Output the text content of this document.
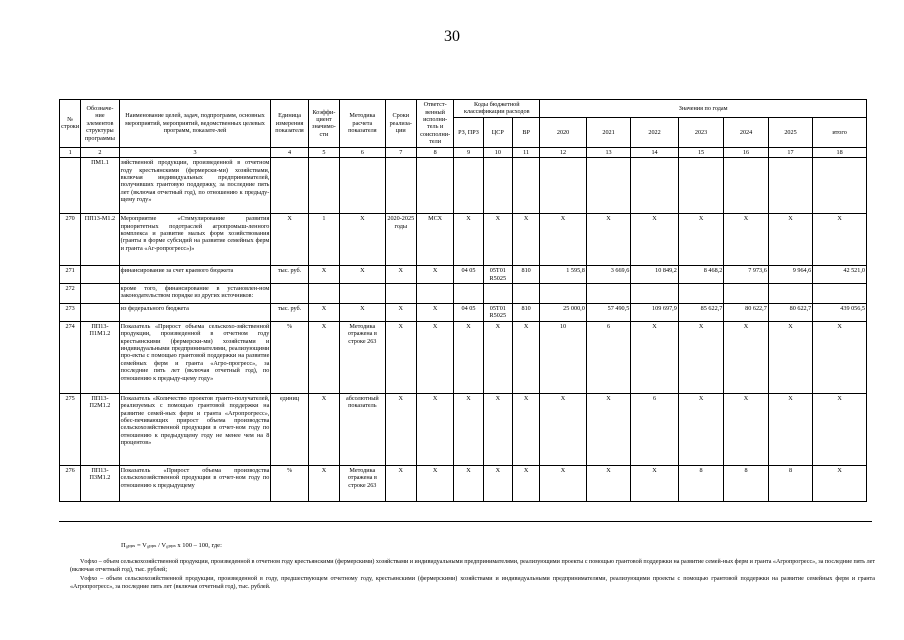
30
№ строки	Обозначе-ние элементов структуры программы	Наименование целей, задач, подпрограмм, основных мероприятий, мероприятий, ведомственных целевых программ, показате-лей	Единица измерения показателя	Коэффи-циент значимо-сти	Методика расчета показателя	Сроки реализа-ции	Ответст-венный исполни-тель и соисполни-тели	Коды бюджетной классификации расходов			Значения по годам						
								РЗ, ПРЗ	ЦСР	ВР	2020	2021	2022	2023	2024	2025	итого
1	2	3	4	5	6	7	8	9	10	11	12	13	14	15	16	17	18
	ПМ1.1	зяйственной продукции, произведенной в отчетном году крестьянскими (фермерски-ми) хозяйствами, включая индивидуальных предпринимателей, получивших грантовую поддержку, за последние пять лет (включая отчетный год), по отношению к предыду-щему году»															
270	ПП13-М1.2	Мероприятие «Стимулирование развития приоритетных подотраслей агропромыш-ленного комплекса и развитие малых форм хозяйствования (гранты в форме субсидий на развитие семейных ферм и гранта «Аг-ропрогресс»)»	Х	1	Х	2020-2025 годы	МСХ	Х	Х	Х	Х	Х	Х	Х	Х	Х	Х
271		финансирование за счет краевого бюджета	тыс. руб.	Х	Х	Х	Х	04 05	05Т01 R5025	810	1 595,8	3 669,6	10 849,2	8 468,2	7 973,6	9 964,6	42 521,0
272		кроме того, финансирование в установлен-ном законодательством порядке из других источников:															
273		из федерального бюджета	тыс. руб.	Х	Х	Х	Х	04 05	05Т01 R5025	810	25 000,0	57 490,5	109 697,9	85 622,7	80 622,7	80 622,7	439 056,5
274	ПП13-П1М1.2	Показатель «Прирост объема сельскохо-зяйственной продукции, произведенной в отчетном году крестьянскими (фермерски-ми) хозяйствами и индивидуальными предпринимателями, реализующими про-екты с помощью грантовой поддержки на развитие семейных ферм и гранта «Агро-прогресс», за последние пять лет (включая отчетный год), по отношению к предыду-щему году»	%	Х	Методика отражена в строке 263	Х	Х	Х	Х	Х	10	6	Х	Х	Х	Х	Х
275	ПП13-П2М1.2	Показатель «Количество проектов гранто-получателей, реализуемых с помощью грантовой поддержки на развитие семей-ных ферм и гранта «Агропрогресс», обес-печивающих прирост объема производства сельскохозяйственной продукции в отчет-ном году по отношению к предыдущему году не менее чем на 8 процентов»	единиц	Х	абсолютный показатель	Х	Х	Х	Х	Х	Х	Х	6	Х	Х	Х	Х
276	ПП13-П3М1.2	Показатель «Прирост объема производства сельскохозяйственной продукции в отчет-ном году по отношению к предыдущему	%	Х	Методика отражена в строке 263	Х	Х	Х	Х	Х	Х	Х	Х	8	8	8	Х
П₀ₚₚₛ = V₀ₚₚₛ / V₀ₚₚₛ x 100 – 100, где:
Vофхо – объем сельскохозяйственной продукции, произведенной в отчетном году крестьянскими (фермерскими) хозяйствами и индивидуальными предпринимателями, реализующими проекты с помощью грантовой поддержки на развитие семей-ных ферм и гранта «Агропрогресс», за последние пять лет (включая отчетный год), тыс. рублей;
Vофхо – объем сельскохозяйственной продукции, произведенной в году, предшествующем отчетному году, крестьянскими (фермерскими) хозяйствами и индивидуальными предпринимателями, реализующими проекты с помощью грантовой поддержки на развитие семейных ферм и гранта «Агропрогресс», за последние пять лет (включая отчетный год), тыс. рублей.
